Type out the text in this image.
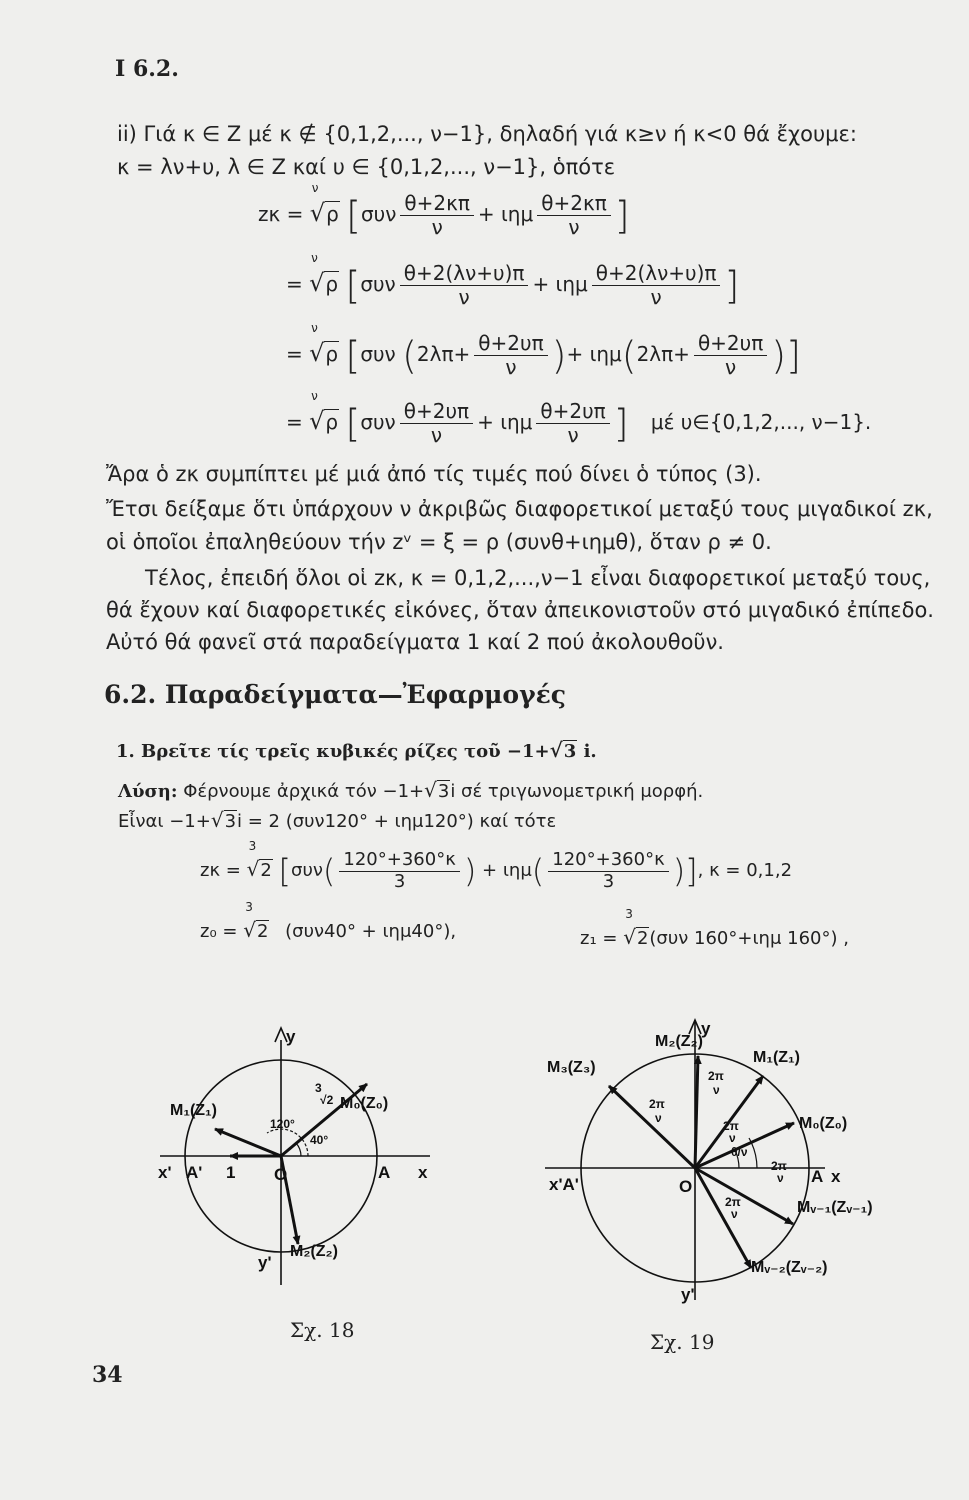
Ι 6.2.
ii) Γιά κ ∈ Z μέ κ ∉ {0,1,2,..., ν−1}, δηλαδή γιά κ≥ν ή κ<0 θά ἔχουμε:
κ = λν+υ, λ ∈ Z καί υ ∈ {0,1,2,..., ν−1}, ὁπότε
zκ =
ν
√ρ [$\sigma\upsilon\nu \frac{\theta+2\kappa\pi}{\nu} + \iota\eta\mu \frac{\theta+2\kappa\pi}{\nu}$ ]
=
ν
√ρ [$\sigma\upsilon\nu \frac{\theta+2(\lambda\nu+\upsilon)\pi}{\nu} + \iota\eta\mu \frac{\theta+2(\lambda\nu+\upsilon)\pi}{\nu}$ ]
=
ν
√ρ [συν ($2\lambda\pi+ \frac{\theta+2\upsilon\pi}{\nu}$ )+ $\iota\eta\mu(2\lambda\pi+ \frac{\theta+2\upsilon\pi}{\nu}$ )]
=
ν
√ρ [$\sigma\upsilon\nu \frac{\theta+2\upsilon\pi}{\nu} + \iota\eta\mu \frac{\theta+2\upsilon\pi}{\nu}$ ] μέ υ∈{0,1,2,..., ν−1}.
Ἄρα ὁ zκ συμπίπτει μέ μιά ἀπό τίς τιμές πού δίνει ὁ τύπος (3).
Ἔτσι δείξαμε ὅτι ὑπάρχουν ν ἀκριβῶς διαφορετικοί μεταξύ τους μιγαδικοί zκ,
οἱ ὁποῖοι ἐπαληθεύουν τήν zᵛ = ξ = ρ (συνθ+ιημθ), ὅταν ρ ≠ 0.
Τέλος, ἐπειδή ὅλοι οἱ zκ, κ = 0,1,2,...,ν−1 εἶναι διαφορετικοί μεταξύ τους,
θά ἔχουν καί διαφορετικές εἰκόνες, ὅταν ἀπεικονιστοῦν στό μιγαδικό ἐπίπεδο.
Αὐτό θά φανεῖ στά παραδείγματα 1 καί 2 πού ἀκολουθοῦν.
6.2. Παραδείγματα—Ἐφαρμογές
1. Βρεῖτε τίς τρεῖς κυβικές ρίζες τοῦ −1+√3 i.
Λύση: Φέρνουμε ἀρχικά τόν −1+√3i σέ τριγωνομετρική μορφή.
Εἶναι −1+√3i = 2 (συν120° + ιημ120°) καί τότε
zκ =
3
√2 [$\sigma\upsilon\nu( \frac{120^\circ+360^\circ\kappa}{3}$ ) + $\iota\eta\mu( \frac{120^\circ+360^\circ\kappa}{3}$ )], κ = 0,1,2
z₀ =
3
√2 (συν40° + ιημ40°),	z₁ =
3
√2(συν 160°+ιημ 160°) ,
y
M₁(Z₁)	M₀(Z₀)
120°
3
√2
40°
x' A' 1 O	A x
y'
M₂(Z₂)
Σχ. 18
M₂(Z₂)
y
M₁(Z₁)
M₃(Z₃)	2π
ν
2π
ν
2π
ν
θ/ν
M₀(Z₀)
2π
ν
x'A'	O
A x
2π
ν	Mᵥ₋₁(Zᵥ₋₁)
Mᵥ₋₂(Zᵥ₋₂)
y'
Σχ. 19
34
